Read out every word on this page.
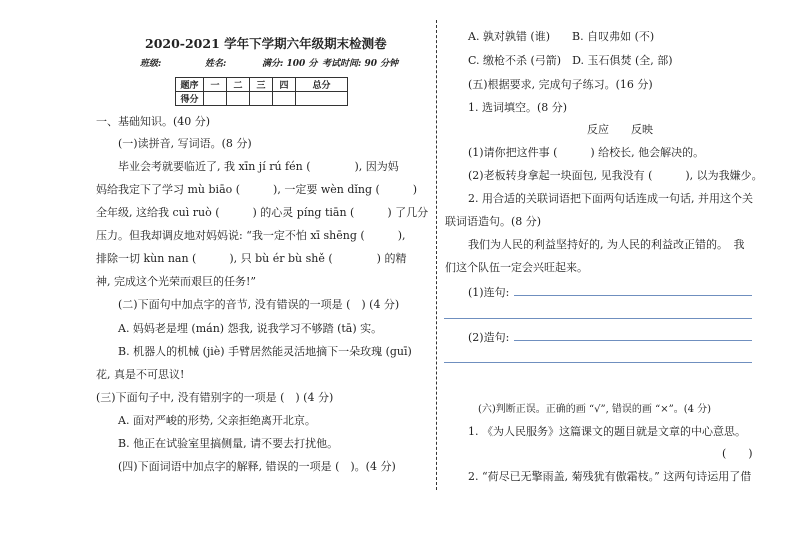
2020-2021 学年下学期六年级期末检测卷
班级:	姓名:	满分: 100 分 考试时间: 90 分钟
题序	一	二	三	四	总分
得分					
一、基础知识。(40 分)
(一)读拼音, 写词语。(8 分)
毕业会考就要临近了, 我 xīn jí rú fén (　　　　), 因为妈
妈给我定下了学习 mù biāo (　　　), 一定要 wèn dǐng (　　　)
全年级, 这给我 cuì ruò (　　　) 的心灵 píng tiān (　　　) 了几分
压力。但我却调皮地对妈妈说: “我一定不怕 xī shēng (　　　),
排除一切 kùn nan (　　　), 只 bù ér bù shě (　　　　) 的精
神, 完成这个光荣而艰巨的任务!”
(二)下面句中加点字的音节, 没有错误的一项是 (　) (4 分)
A. 妈妈老是埋 (mán) 怨我, 说我学习不够踏 (tā) 实。
B. 机器人的机械 (jiè) 手臂居然能灵活地摘下一朵玫瑰 (guī)
花, 真是不可思议!
(三)下面句子中, 没有错别字的一项是 (　) (4 分)
A. 面对严峻的形势, 父亲拒绝离开北京。
B. 他正在试验室里搞侧量, 请不要去打扰他。
(四)下面词语中加点字的解释, 错误的一项是 (　)。(4 分)
A. 孰对孰错 (谁)　　B. 自叹弗如 (不)
C. 缴枪不杀 (弓箭)　D. 玉石俱焚 (全, 部)
(五)根据要求, 完成句子练习。(16 分)
1. 选词填空。(8 分)
反应　　反映
(1)请你把这件事 (　　　) 给校长, 他会解决的。
(2)老板转身拿起一块面包, 见我没有 (　　　), 以为我嫌少。
2. 用合适的关联词语把下面两句话连成一句话, 并用这个关
联词语造句。(8 分)
我们为人民的利益坚持好的, 为人民的利益改正错的。　我
们这个队伍一定会兴旺起来。
(1)连句:
(2)造句:
(六)判断正误。正确的画 “√”, 错误的画 “×”。(4 分)
1. 《为人民服务》这篇课文的题目就是文章的中心意思。
(　　)
2. “荷尽已无擎雨盖, 菊残犹有傲霜枝。” 这两句诗运用了借
